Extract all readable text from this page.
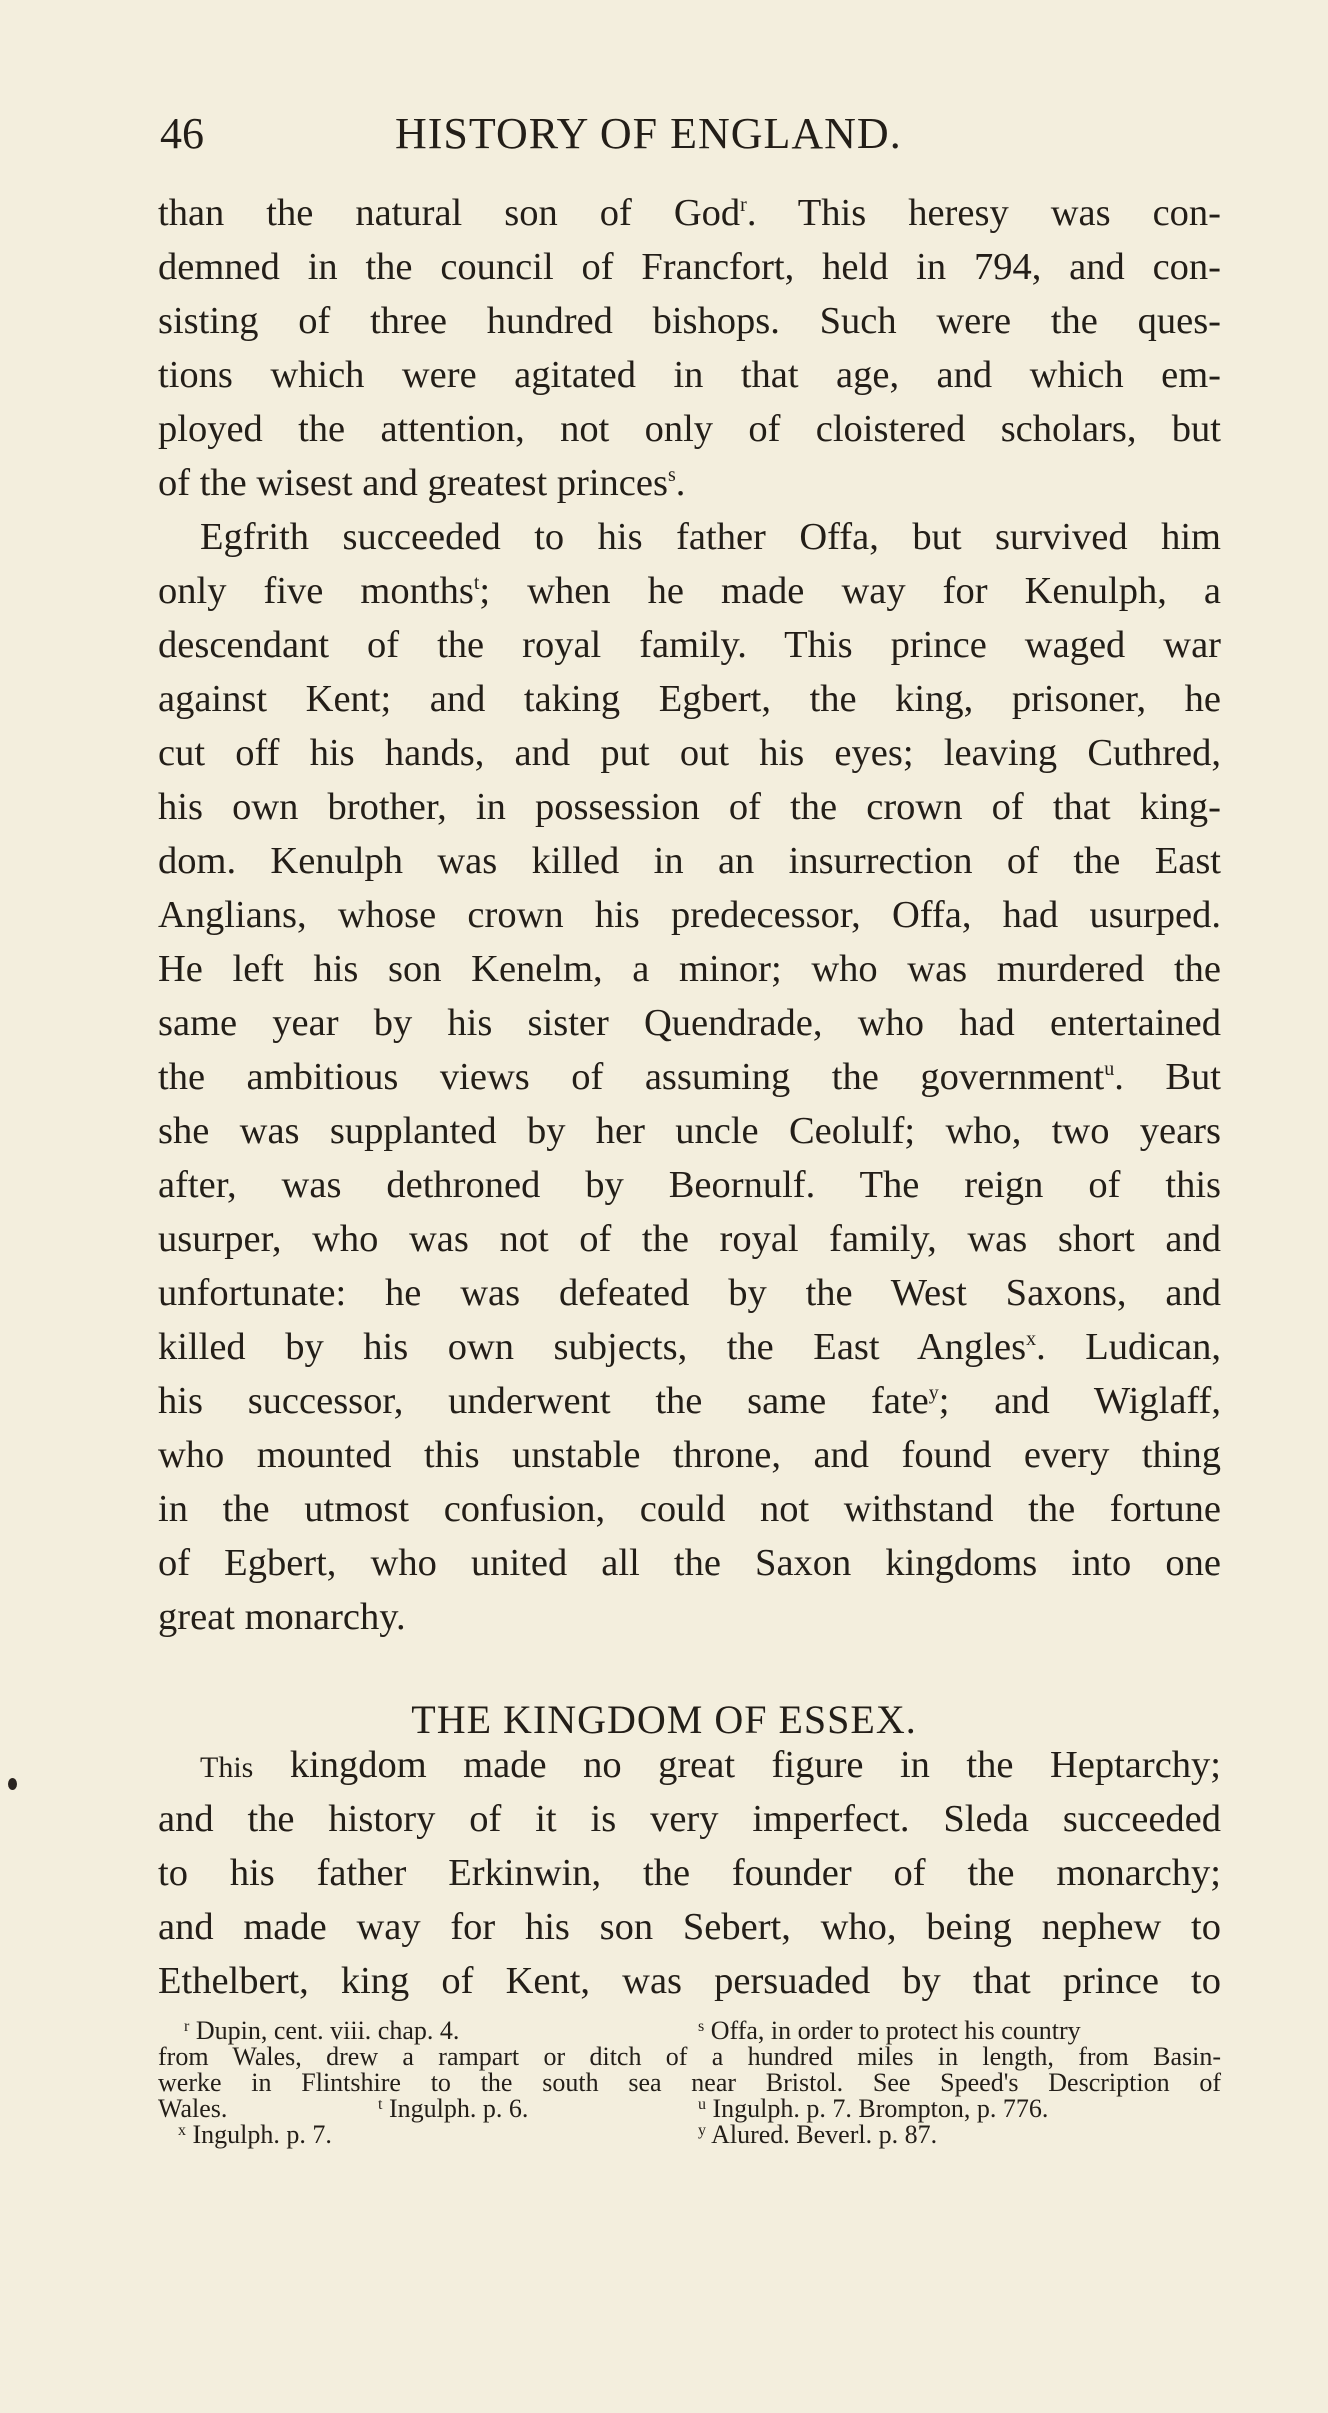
46	HISTORY OF ENGLAND.
than the natural son of God$^r$. This heresy was con-
demned in the council of Francfort, held in 794, and con-
sisting of three hundred bishops. Such were the ques-
tions which were agitated in that age, and which em-
ployed the attention, not only of cloistered scholars, but
of the wisest and greatest princes$^s$.
Egfrith succeeded to his father Offa, but survived him
only five months$^t$; when he made way for Kenulph, a
descendant of the royal family. This prince waged war
against Kent; and taking Egbert, the king, prisoner, he
cut off his hands, and put out his eyes; leaving Cuthred,
his own brother, in possession of the crown of that king-
dom. Kenulph was killed in an insurrection of the East
Anglians, whose crown his predecessor, Offa, had usurped.
He left his son Kenelm, a minor; who was murdered the
same year by his sister Quendrade, who had entertained
the ambitious views of assuming the government$^u$. But
she was supplanted by her uncle Ceolulf; who, two years
after, was dethroned by Beornulf. The reign of this
usurper, who was not of the royal family, was short and
unfortunate: he was defeated by the West Saxons, and
killed by his own subjects, the East Angles$^x$. Ludican,
his successor, underwent the same fate$^y$; and Wiglaff,
who mounted this unstable throne, and found every thing
in the utmost confusion, could not withstand the fortune
of Egbert, who united all the Saxon kingdoms into one
great monarchy.
THE KINGDOM OF ESSEX.
This kingdom made no great figure in the Heptarchy;
and the history of it is very imperfect. Sleda succeeded
to his father Erkinwin, the founder of the monarchy;
and made way for his son Sebert, who, being nephew to
Ethelbert, king of Kent, was persuaded by that prince to
$^r$ Dupin, cent. viii. chap. 4.	$^s$ Offa, in order to protect his country
from Wales, drew a rampart or ditch of a hundred miles in length, from Basin-
werke in Flintshire to the south sea near Bristol. See Speed's Description of
Wales.	$^t$ Ingulph. p. 6.	$^u$ Ingulph. p. 7. Brompton, p. 776.
$^x$ Ingulph. p. 7.	$^y$ Alured. Beverl. p. 87.
